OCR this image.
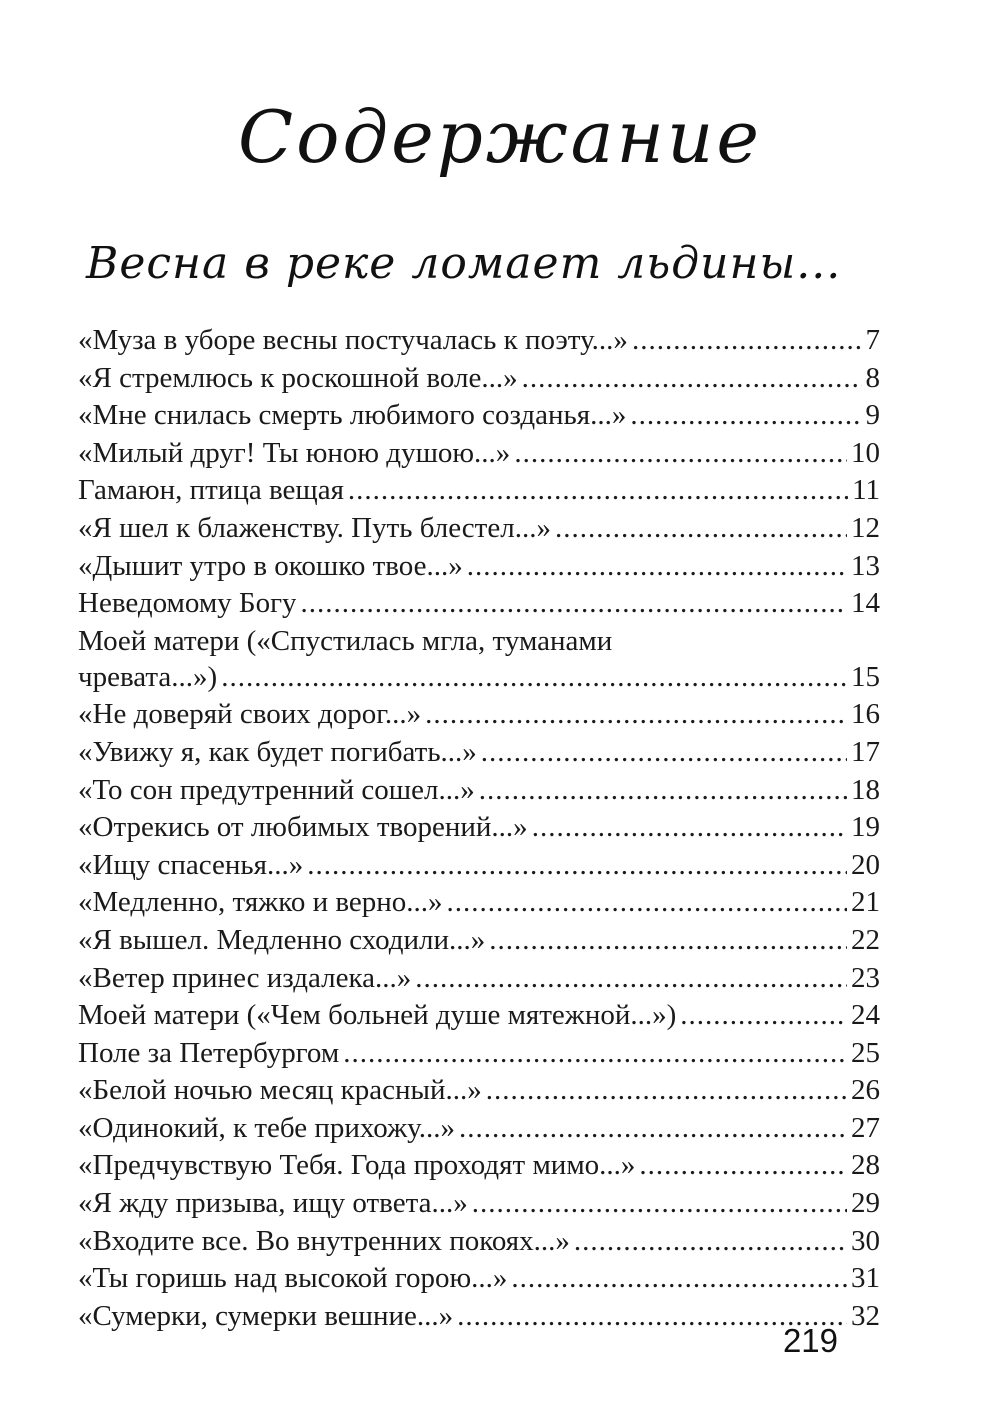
Содержание
Весна в реке ломает льдины...
«Муза в уборе весны постучалась к поэту...» .....	7
«Я стремлюсь к роскошной воле...» .....	8
«Мне снилась смерть любимого созданья...» .....	9
«Милый друг! Ты юною душою...» .....	10
Гамаюн, птица вещая .....	11
«Я шел к блаженству. Путь блестел...» .....	12
«Дышит утро в окошко твое...» .....	13
Неведомому Богу .....	14
Моей матери («Спустилась мгла, туманами
чревата...») .....	15
«Не доверяй своих дорог...» .....	16
«Увижу я, как будет погибать...» .....	17
«То сон предутренний сошел...» .....	18
«Отрекись от любимых творений...» .....	19
«Ищу спасенья...» .....	20
«Медленно, тяжко и верно...» .....	21
«Я вышел. Медленно сходили...» .....	22
«Ветер принес издалека...» .....	23
Моей матери («Чем больней душе мятежной...») .....	24
Поле за Петербургом .....	25
«Белой ночью месяц красный...» .....	26
«Одинокий, к тебе прихожу...» .....	27
«Предчувствую Тебя. Года проходят мимо...» .....	28
«Я жду призыва, ищу ответа...» .....	29
«Входите все. Во внутренних покоях...» .....	30
«Ты горишь над высокой горою...» .....	31
«Сумерки, сумерки вешние...» .....	32
219
